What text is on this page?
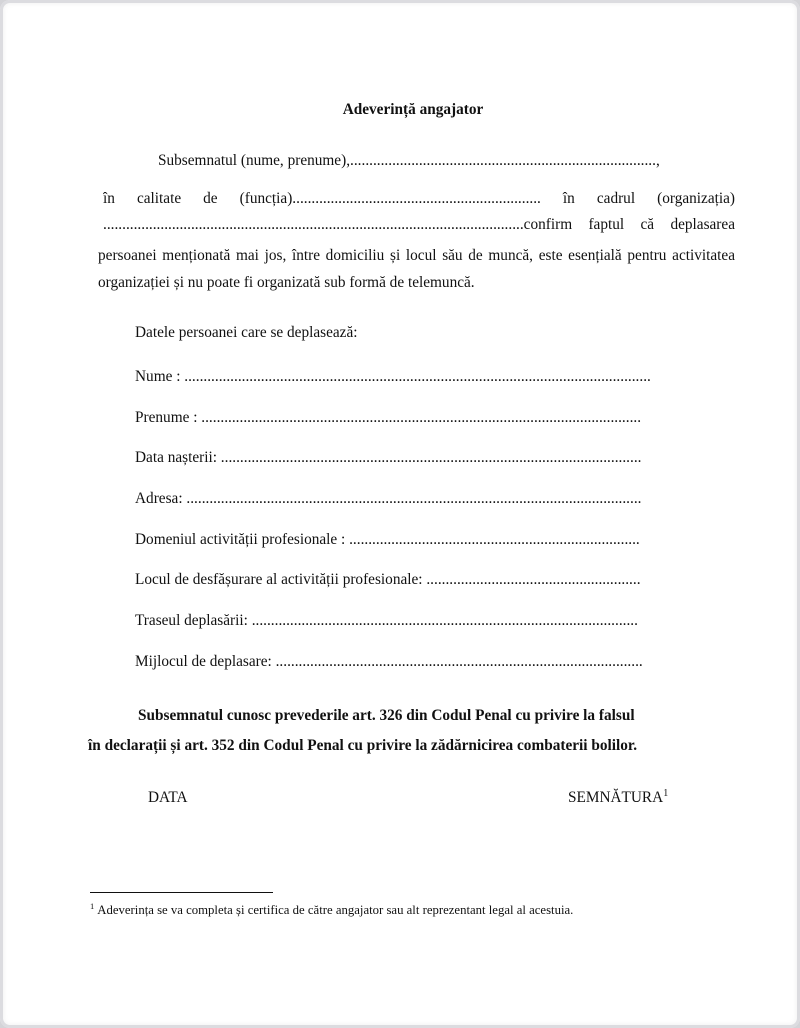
Adeverință angajator
Subsemnatul (nume, prenume),................................................................................,
în calitate de (funcția)................................................................. în cadrul (organizația)
..............................................................................................................confirm faptul că deplasarea
persoanei menționată mai jos, între domiciliu și locul său de muncă, este esențială pentru activitatea
organizației și nu poate fi organizată sub formă de telemuncă.
Datele persoanei care se deplasează:
Nume : ..........................................................................................................................
Prenume : ...................................................................................................................
Data nașterii: ..............................................................................................................
Adresa: .......................................................................................................................
Domeniul activității profesionale : ............................................................................
Locul de desfășurare al activității profesionale: ........................................................
Traseul deplasării: .....................................................................................................
Mijlocul de deplasare: ................................................................................................
Subsemnatul cunosc prevederile art. 326 din Codul Penal cu privire la falsul
în declarații și art. 352 din Codul Penal cu privire la zădărnicirea combaterii bolilor.
DATA	SEMNĂTURA$^1$
$^1$ Adeverința se va completa și certifica de către angajator sau alt reprezentant legal al acestuia.
